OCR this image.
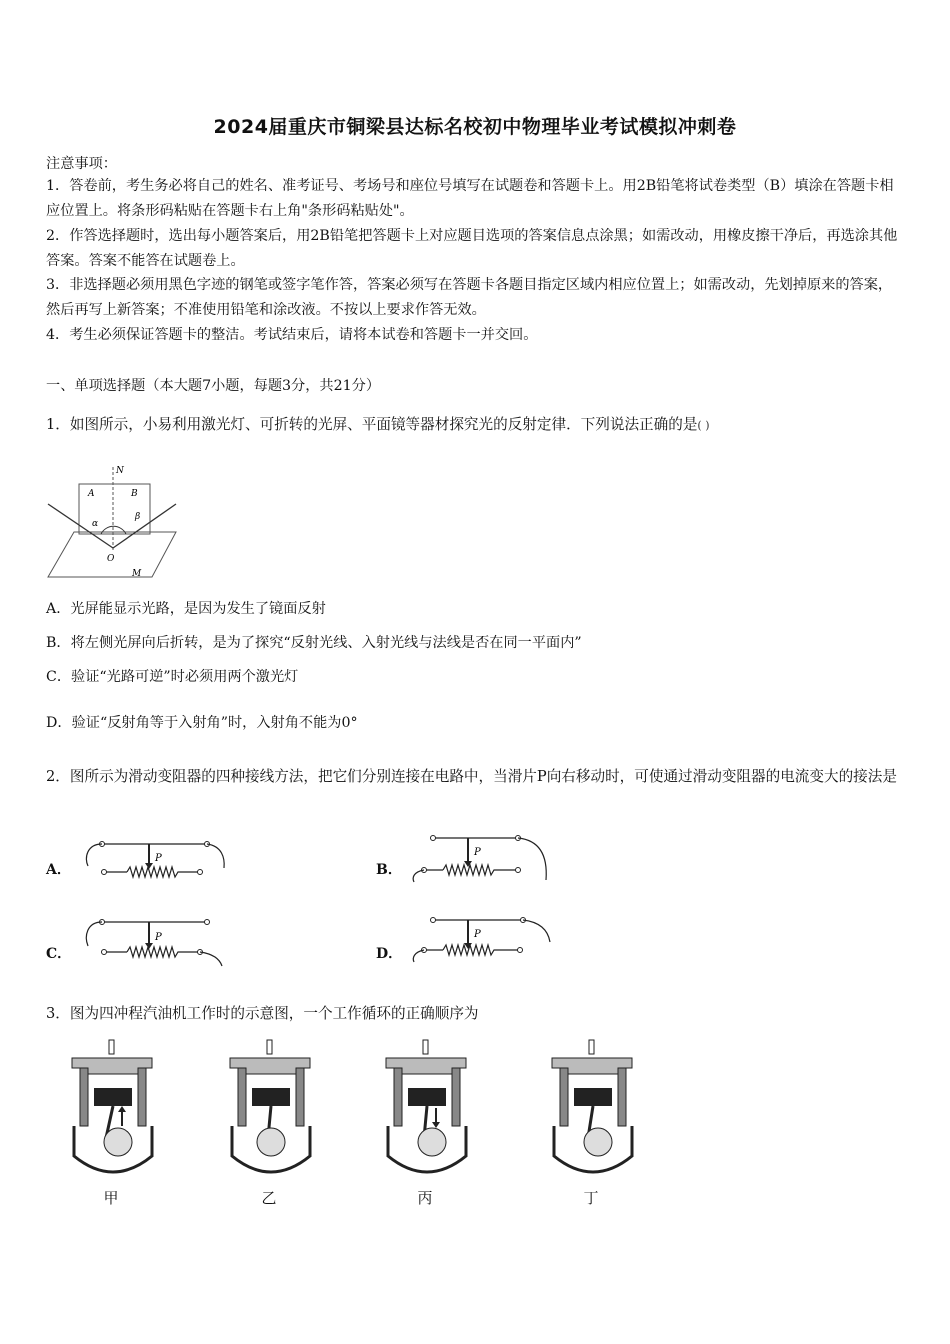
2024届重庆市铜梁县达标名校初中物理毕业考试模拟冲刺卷
注意事项：
1．答卷前，考生务必将自己的姓名、准考证号、考场号和座位号填写在试题卷和答题卡上。用2B铅笔将试卷类型（B）填涂在答题卡相应位置上。将条形码粘贴在答题卡右上角"条形码粘贴处"。
2．作答选择题时，选出每小题答案后，用2B铅笔把答题卡上对应题目选项的答案信息点涂黑；如需改动，用橡皮擦干净后，再选涂其他答案。答案不能答在试题卷上。
3．非选择题必须用黑色字迹的钢笔或签字笔作答，答案必须写在答题卡各题目指定区域内相应位置上；如需改动，先划掉原来的答案，然后再写上新答案；不准使用铅笔和涂改液。不按以上要求作答无效。
4．考生必须保证答题卡的整洁。考试结束后，请将本试卷和答题卡一并交回。
一、单项选择题（本大题7小题，每题3分，共21分）
1．如图所示，小易利用激光灯、可折转的光屏、平面镜等器材探究光的反射定律．下列说法正确的是( )
N
A	B
α
β
O
M
A．光屏能显示光路，是因为发生了镜面反射
B．将左侧光屏向后折转，是为了探究“反射光线、入射光线与法线是否在同一平面内”
C．验证“光路可逆”时必须用两个激光灯
D．验证“反射角等于入射角”时，入射角不能为0°
2．图所示为滑动变阻器的四种接线方法，把它们分别连接在电路中，当滑片P向右移动时，可使通过滑动变阻器的电流变大的接法是
A．	B．
C．	D．
P
P
P	P
3．图为四冲程汽油机工作时的示意图，一个工作循环的正确顺序为
甲	乙	丙	丁
